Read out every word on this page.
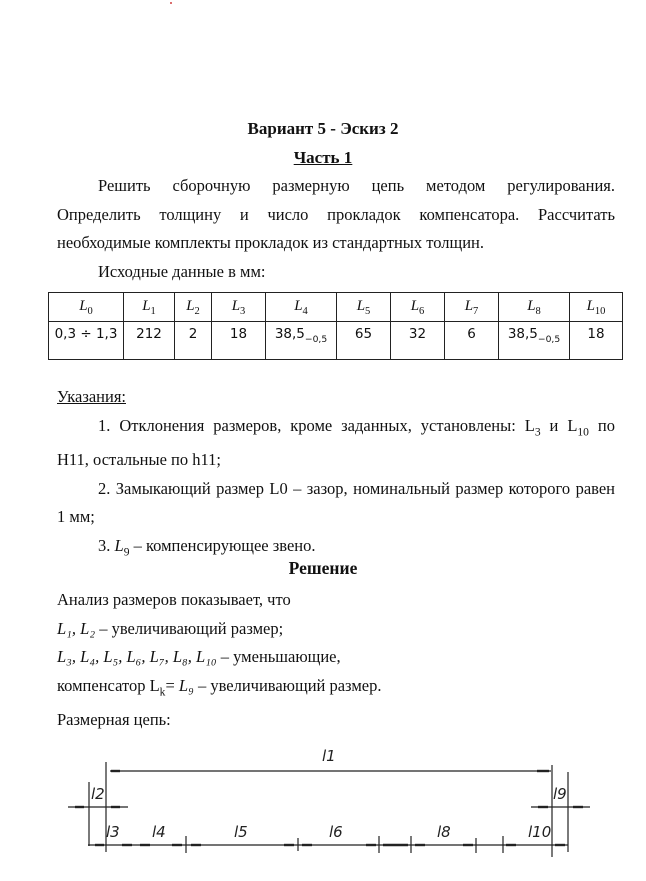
Вариант 5 - Эскиз 2
Часть 1
Решить сборочную размерную цепь методом регулирования.
Определить толщину и число прокладок компенсатора. Рассчитать
необходимые комплекты прокладок из стандартных толщин.
Исходные данные в мм:
$L_0$	$L_1$	$L_2$	$L_3$	$L_4$	$L_5$	$L_6$	$L_7$	$L_8$	$L_{10}$
0,3 ÷ 1,3	212	2	18	$38,5_{-0,5}$	65	32	6	$38,5_{-0,5}$	18
Указания:
1. Отклонения размеров, кроме заданных, установлены: $L_3$ и $L_{10}$ по
H11, остальные по h11;
2. Замыкающий размер L0 – зазор, номинальный размер которого равен
1 мм;
3. $L_9$ – компенсирующее звено.
Решение
Анализ размеров показывает, что
L₁, L₂ – увеличивающий размер;
L₃, L₄, L₅, L₆, L₇, L₈, L₁₀ – уменьшающие,
компенсатор $L_k= L_9$ – увеличивающий размер.
Размерная цепь:
l1
l2
l3 l4	l5	l6	l8
l9
l10
